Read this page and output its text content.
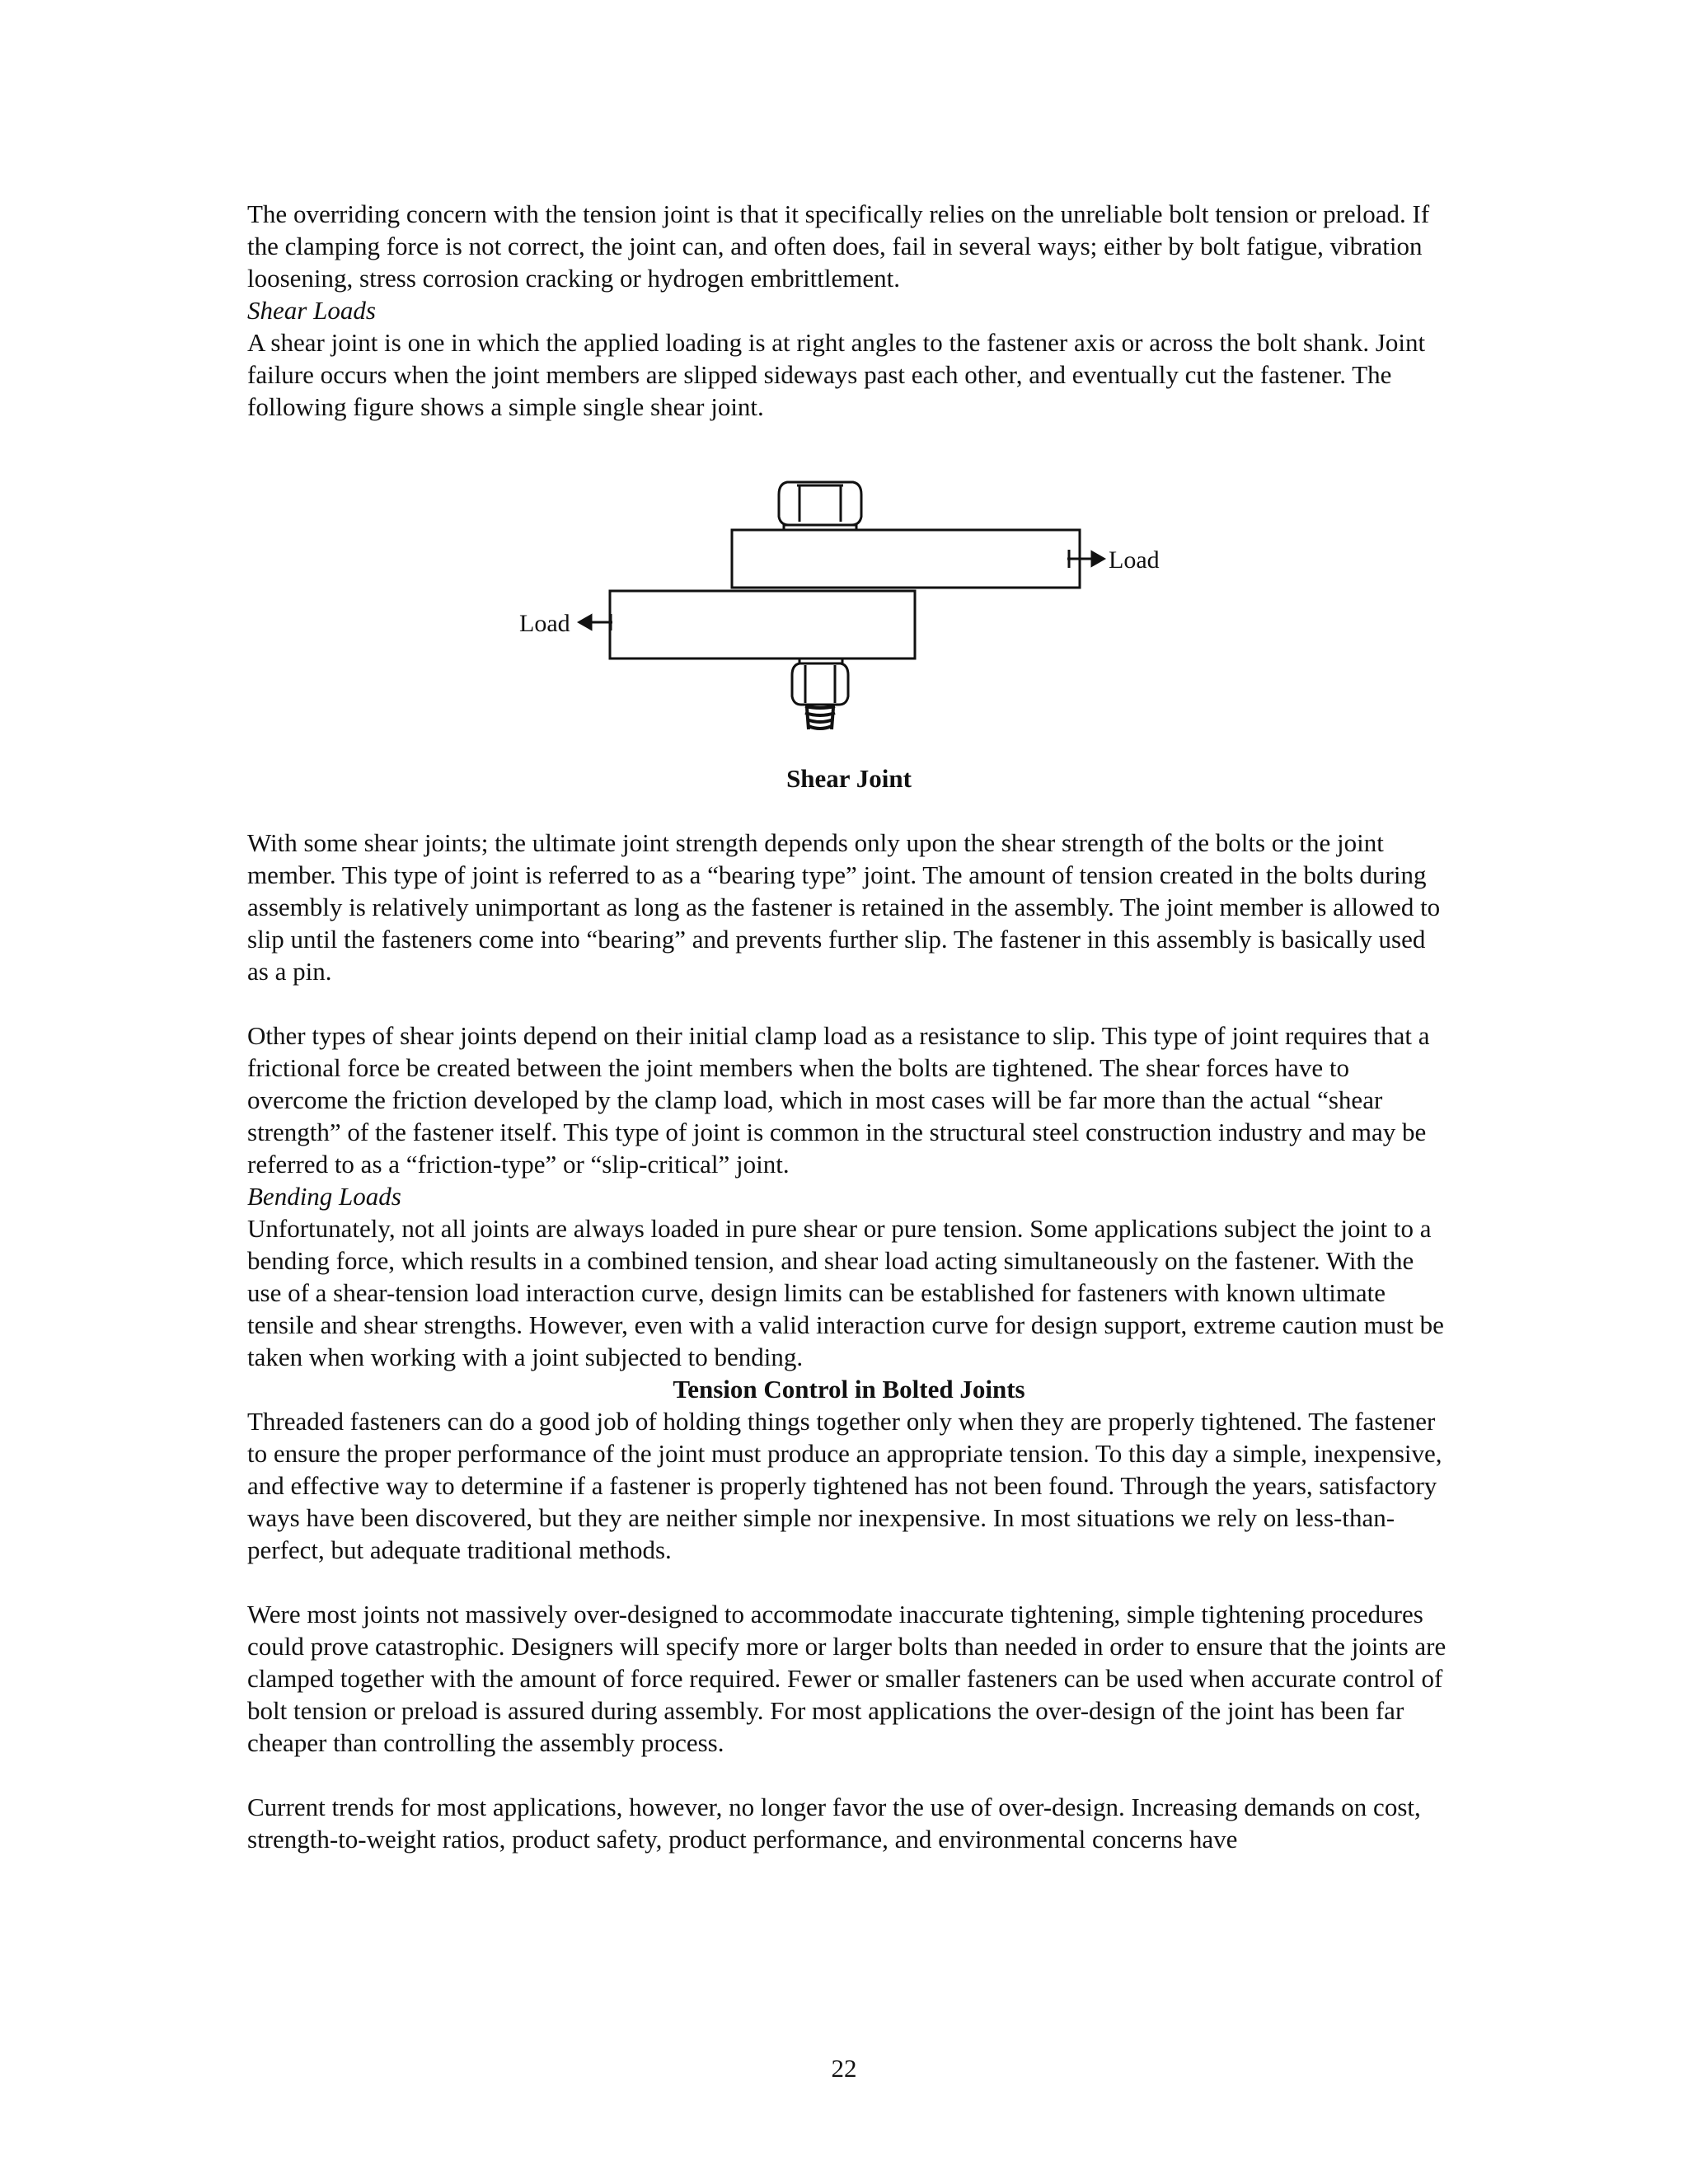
The overriding concern with the tension joint is that it specifically relies on the unreliable bolt tension or preload. If the clamping force is not correct, the joint can, and often does, fail in several ways; either by bolt fatigue, vibration loosening, stress corrosion cracking or hydrogen embrittlement.

Shear Loads

A shear joint is one in which the applied loading is at right angles to the fastener axis or across the bolt shank. Joint failure occurs when the joint members are slipped sideways past each other, and eventually cut the fastener. The following figure shows a simple single shear joint.

Load
Load
Shear Joint

With some shear joints; the ultimate joint strength depends only upon the shear strength of the bolts or the joint member. This type of joint is referred to as a “bearing type” joint. The amount of tension created in the bolts during assembly is relatively unimportant as long as the fastener is retained in the assembly. The joint member is allowed to slip until the fasteners come into “bearing” and prevents further slip. The fastener in this assembly is basically used as a pin.

Other types of shear joints depend on their initial clamp load as a resistance to slip. This type of joint requires that a frictional force be created between the joint members when the bolts are tightened. The shear forces have to overcome the friction developed by the clamp load, which in most cases will be far more than the actual “shear strength” of the fastener itself. This type of joint is common in the structural steel construction industry and may be referred to as a “friction-type” or “slip-critical” joint.

Bending Loads

Unfortunately, not all joints are always loaded in pure shear or pure tension. Some applications subject the joint to a bending force, which results in a combined tension, and shear load acting simultaneously on the fastener. With the use of a shear-tension load interaction curve, design limits can be established for fasteners with known ultimate tensile and shear strengths. However, even with a valid interaction curve for design support, extreme caution must be taken when working with a joint subjected to bending.

Tension Control in Bolted Joints

Threaded fasteners can do a good job of holding things together only when they are properly tightened. The fastener to ensure the proper performance of the joint must produce an appropriate tension. To this day a simple, inexpensive, and effective way to determine if a fastener is properly tightened has not been found. Through the years, satisfactory ways have been discovered, but they are neither simple nor inexpensive. In most situations we rely on less-than-perfect, but adequate traditional methods.

Were most joints not massively over-designed to accommodate inaccurate tightening, simple tightening procedures could prove catastrophic. Designers will specify more or larger bolts than needed in order to ensure that the joints are clamped together with the amount of force required. Fewer or smaller fasteners can be used when accurate control of bolt tension or preload is assured during assembly. For most applications the over-design of the joint has been far cheaper than controlling the assembly process.

Current trends for most applications, however, no longer favor the use of over-design. Increasing demands on cost, strength-to-weight ratios, product safety, product performance, and environmental concerns have

22
